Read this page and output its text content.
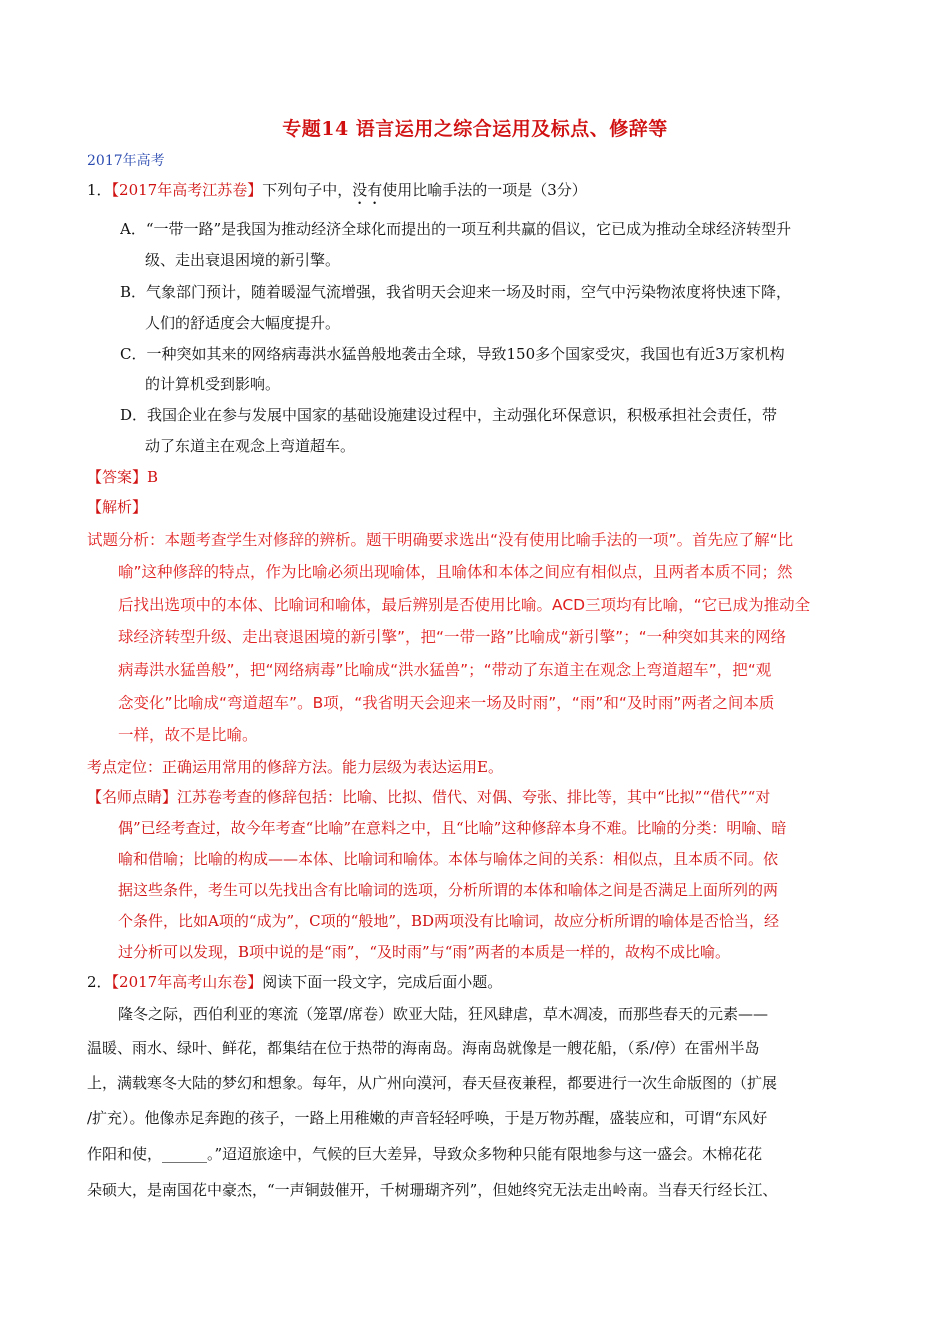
专题14 语言运用之综合运用及标点、修辞等
2017年高考
1．【2017年高考江苏卷】下列句子中，没有使用比喻手法的一项是（3分）
A．“一带一路”是我国为推动经济全球化而提出的一项互利共赢的倡议，它已成为推动全球经济转型升
级、走出衰退困境的新引擎。
B．气象部门预计，随着暖湿气流增强，我省明天会迎来一场及时雨，空气中污染物浓度将快速下降，
人们的舒适度会大幅度提升。
C．一种突如其来的网络病毒洪水猛兽般地袭击全球，导致150多个国家受灾，我国也有近3万家机构
的计算机受到影响。
D．我国企业在参与发展中国家的基础设施建设过程中，主动强化环保意识，积极承担社会责任，带
动了东道主在观念上弯道超车。
【答案】B
【解析】
试题分析：本题考查学生对修辞的辨析。题干明确要求选出“没有使用比喻手法的一项”。首先应了解“比
喻”这种修辞的特点，作为比喻必须出现喻体，且喻体和本体之间应有相似点，且两者本质不同；然
后找出选项中的本体、比喻词和喻体，最后辨别是否使用比喻。ACD三项均有比喻，“它已成为推动全
球经济转型升级、走出衰退困境的新引擎”，把“一带一路”比喻成“新引擎”；“一种突如其来的网络
病毒洪水猛兽般”，把“网络病毒”比喻成“洪水猛兽”；“带动了东道主在观念上弯道超车”，把“观
念变化”比喻成“弯道超车”。B项，“我省明天会迎来一场及时雨”，“雨”和“及时雨”两者之间本质
一样，故不是比喻。
考点定位：正确运用常用的修辞方法。能力层级为表达运用E。
【名师点睛】江苏卷考查的修辞包括：比喻、比拟、借代、对偶、夸张、排比等，其中“比拟”“借代”“对
偶”已经考查过，故今年考查“比喻”在意料之中，且“比喻”这种修辞本身不难。比喻的分类：明喻、暗
喻和借喻；比喻的构成——本体、比喻词和喻体。本体与喻体之间的关系：相似点，且本质不同。依
据这些条件，考生可以先找出含有比喻词的选项，分析所谓的本体和喻体之间是否满足上面所列的两
个条件，比如A项的“成为”，C项的“般地”，BD两项没有比喻词，故应分析所谓的喻体是否恰当，经
过分析可以发现，B项中说的是“雨”，“及时雨”与“雨”两者的本质是一样的，故构不成比喻。
2．【2017年高考山东卷】阅读下面一段文字，完成后面小题。
隆冬之际，西伯利亚的寒流（笼罩/席卷）欧亚大陆，狂风肆虐，草木凋凌，而那些春天的元素——
温暖、雨水、绿叶、鲜花，都集结在位于热带的海南岛。海南岛就像是一艘花船，（系/停）在雷州半岛
上，满载寒冬大陆的梦幻和想象。每年，从广州向漠河，春天昼夜兼程，都要进行一次生命版图的（扩展
/扩充）。他像赤足奔跑的孩子，一路上用稚嫩的声音轻轻呼唤，于是万物苏醒，盛装应和，可谓“东风好
作阳和使，______。”迢迢旅途中，气候的巨大差异，导致众多物种只能有限地参与这一盛会。木棉花花
朵硕大，是南国花中豪杰，“一声铜鼓催开，千树珊瑚齐列”，但她终究无法走出岭南。当春天行经长江、
